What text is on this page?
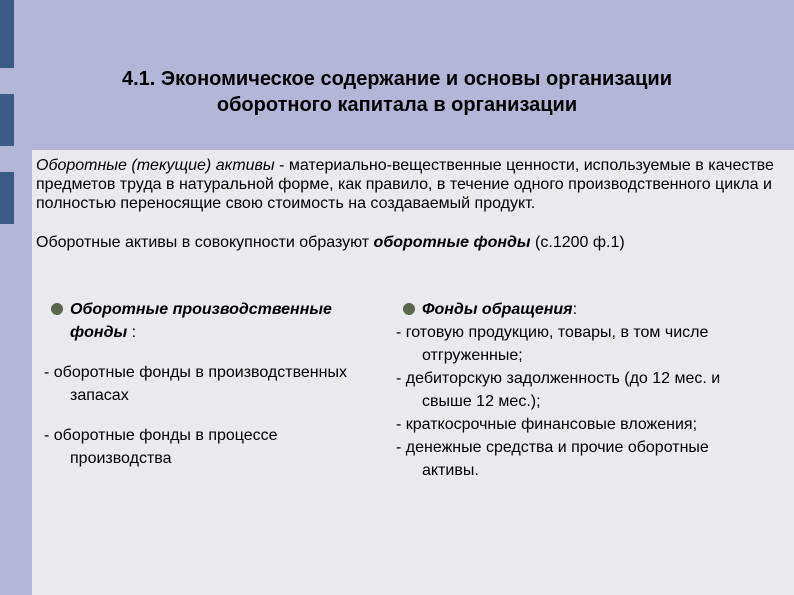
4.1. Экономическое содержание и основы организации
оборотного капитала в организации

Оборотные (текущие) активы - материально-вещественные ценности, используемые в качестве предметов труда в натуральной форме, как правило, в течение одного производственного цикла и полностью переносящие свою стоимость на создаваемый продукт.

Оборотные активы в совокупности образуют оборотные фонды (с.1200 ф.1)

Оборотные производственные фонды :
- оборотные фонды в производственных запасах
- оборотные фонды в процессе производства
Фонды обращения:
- готовую продукцию, товары, в том числе отгруженные;
- дебиторскую задолженность (до 12 мес. и свыше 12 мес.);
- краткосрочные финансовые вложения;
- денежные средства и прочие оборотные активы.
